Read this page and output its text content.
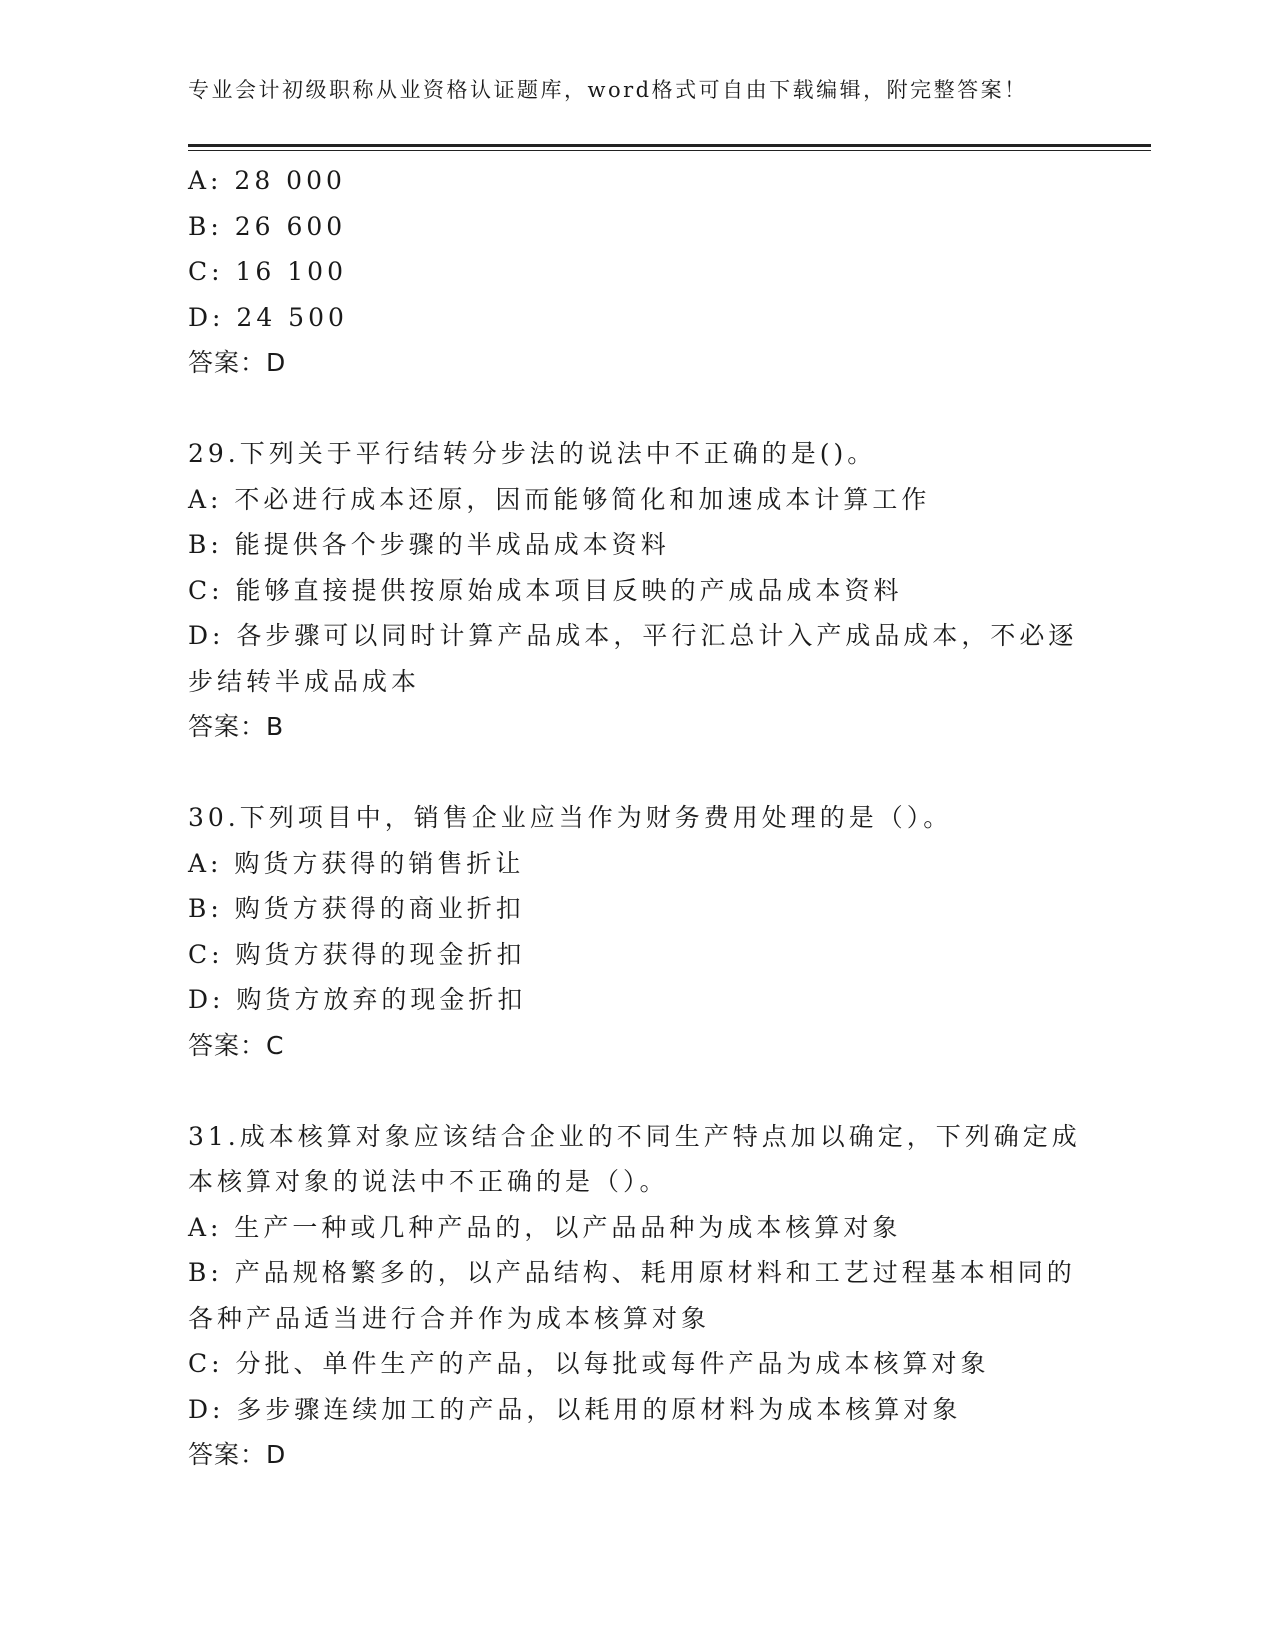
专业会计初级职称从业资格认证题库，word格式可自由下载编辑，附完整答案！
A: 28 000
B: 26 600
C: 16 100
D: 24 500
答案：D
29.下列关于平行结转分步法的说法中不正确的是()。
A: 不必进行成本还原，因而能够简化和加速成本计算工作
B: 能提供各个步骤的半成品成本资料
C: 能够直接提供按原始成本项目反映的产成品成本资料
D: 各步骤可以同时计算产品成本，平行汇总计入产成品成本，不必逐
步结转半成品成本
答案：B
30.下列项目中，销售企业应当作为财务费用处理的是（）。
A: 购货方获得的销售折让
B: 购货方获得的商业折扣
C: 购货方获得的现金折扣
D: 购货方放弃的现金折扣
答案：C
31.成本核算对象应该结合企业的不同生产特点加以确定，下列确定成
本核算对象的说法中不正确的是（）。
A: 生产一种或几种产品的，以产品品种为成本核算对象
B: 产品规格繁多的，以产品结构、耗用原材料和工艺过程基本相同的
各种产品适当进行合并作为成本核算对象
C: 分批、单件生产的产品，以每批或每件产品为成本核算对象
D: 多步骤连续加工的产品，以耗用的原材料为成本核算对象
答案：D
